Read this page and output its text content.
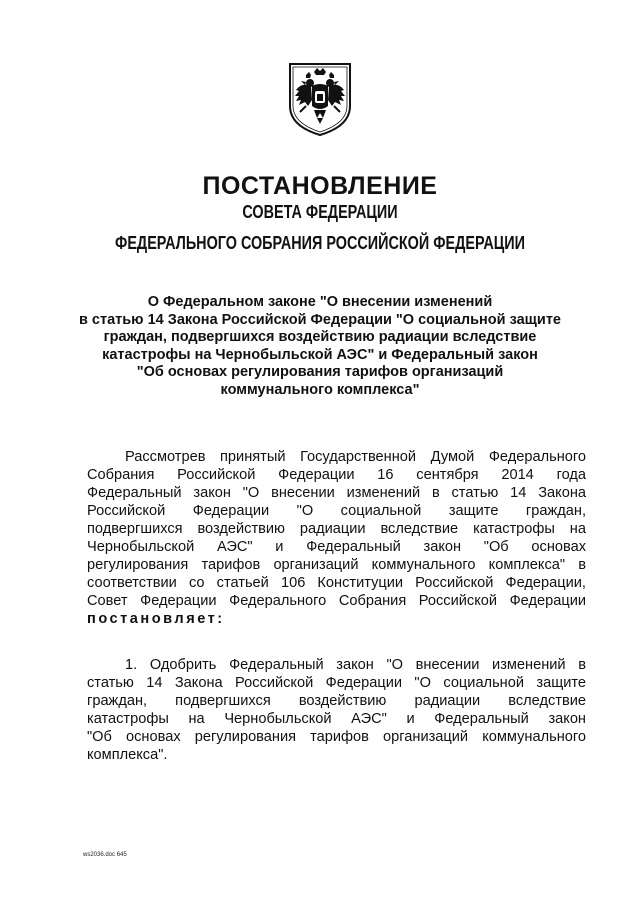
ПОСТАНОВЛЕНИЕ
СОВЕТА ФЕДЕРАЦИИ
ФЕДЕРАЛЬНОГО СОБРАНИЯ РОССИЙСКОЙ ФЕДЕРАЦИИ
О Федеральном законе "О внесении изменений
в статью 14 Закона Российской Федерации "О социальной защите
граждан, подвергшихся воздействию радиации вследствие
катастрофы на Чернобыльской АЭС" и Федеральный закон
"Об основах регулирования тарифов организаций
коммунального комплекса"
Рассмотрев принятый Государственной Думой Федерального
Собрания Российской Федерации 16 сентября 2014 года
Федеральный закон "О внесении изменений в статью 14 Закона
Российской Федерации "О социальной защите граждан,
подвергшихся воздействию радиации вследствие катастрофы на
Чернобыльской АЭС" и Федеральный закон "Об основах
регулирования тарифов организаций коммунального комплекса" в
соответствии со статьей 106 Конституции Российской Федерации,
Совет Федерации Федерального Собрания Российской Федерации
постановляет:
1. Одобрить Федеральный закон "О внесении изменений в
статью 14 Закона Российской Федерации "О социальной защите
граждан, подвергшихся воздействию радиации вследствие
катастрофы на Чернобыльской АЭС" и Федеральный закон
"Об основах регулирования тарифов организаций коммунального
комплекса".
ws2036.doc 645
